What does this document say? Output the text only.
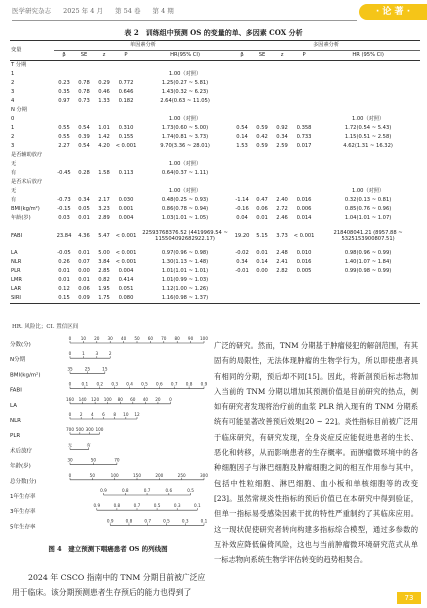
医学研究杂志 2025 年 4 月 第 54 卷 第 4 期	· 论 著 ·
表 2　训练组中预测 OS 的变量的单、多因素 COX 分析
变量	单因素分析					多因素分析				
	β	SE	z	P	HR(95% CI)	β	SE	z	P	HR (95% CI)
T 分期										
1					1.00（对照）					
2	0.23	0.78	0.29	0.772	1.25(0.27 ~ 5.81)					
3	0.35	0.78	0.46	0.646	1.43(0.32 ~ 6.23)					
4	0.97	0.73	1.33	0.182	2.64(0.63 ~ 11.05)					
N 分期										
0					1.00（对照）					1.00（对照）
1	0.55	0.54	1.01	0.310	1.73(0.60 ~ 5.00)	0.54	0.59	0.92	0.358	1.72(0.54 ~ 5.43)
2	0.55	0.39	1.42	0.155	1.74(0.81 ~ 3.73)	0.14	0.42	0.34	0.733	1.15(0.51 ~ 2.58)
3	2.27	0.54	4.20	< 0.001	9.70(3.36 ~ 28.01)	1.53	0.59	2.59	0.017	4.62(1.31 ~ 16.32)
是否辅助放疗										
无					1.00（对照）					
有	-0.45	0.28	1.58	0.113	0.64(0.37 ~ 1.11)					
是否术后放疗										
无					1.00（对照）					1.00（对照）
有	-0.73	0.34	2.17	0.030	0.48(0.25 ~ 0.93)	-1.14	0.47	2.40	0.016	0.32(0.13 ~ 0.81)
BMI(kg/m²)	-0.15	0.05	3.23	0.001	0.86(0.78 ~ 0.94)	-0.16	0.06	2.72	0.006	0.85(0.76 ~ 0.96)
年龄(岁)	0.03	0.01	2.89	0.004	1.03(1.01 ~ 1.05)	0.04	0.01	2.46	0.014	1.04(1.01 ~ 1.07)
FABI	23.84	4.36	5.47	< 0.001	22593768376.52 (4419969.54 ~ 115504092682922.17)	19.20	5.15	3.73	< 0.001	218408041.21 (8957.88 ~ 5325153900807.51)
LA	-0.05	0.01	5.00	< 0.001	0.97(0.96 ~ 0.98)	-0.02	0.01	2.48	0.010	0.98(0.96 ~ 0.99)
NLR	0.26	0.07	3.84	< 0.001	1.30(1.13 ~ 1.48)	0.34	0.14	2.41	0.016	1.40(1.07 ~ 1.84)
PLR	0.01	0.00	2.85	0.004	1.01(1.01 ~ 1.01)	-0.01	0.00	2.82	0.005	0.99(0.98 ~ 0.99)
LMR	0.01	0.01	0.82	0.414	1.01(0.99 ~ 1.03)					
LAR	0.12	0.06	1.95	0.051	1.12(1.00 ~ 1.26)					
SIRI	0.15	0.09	1.75	0.080	1.16(0.98 ~ 1.37)					
HR. 风险比；CI. 置信区间
分数(分)
0 10 20 30 40 50 60 70 80 90 100
N分期
0	1	3	2
BMI(kg/m²)
35	25	15
FABI
0 0.1 0.2 0.3 0.4 0.5 0.6 0.7 0.8 0.9
LA
160 140 120 100 80 60 40 20 0
NLR
0 2 4 6 8 10 12
PLR
700 500 300 100
术后放疗
无	有
年龄(岁)
30	50	70
总分数(分)
0	50	100	150	200	250	300
1年生存率
0.9	0.8	0.7	0.6	0.5
3年生存率
0.9	0.8	0.7	0.5	0.3	0.1
5年生存率
0.9	0.8	0.7	0.5	0.3	0.1
图 4　建立预测下咽癌患者 OS 的列线图
2024 年 CSCO 指南中的 TNM 分期目前被广泛应用于临床。该分期预测患者生存预后的能力也得到了
广泛的研究。然而，TNM 分期基于肿瘤侵犯的解剖范围，有其固有的局限性，无法体现肿瘤的生物学行为，所以即使患者具有相同的分期，预后却不同[15]。因此，将新剖预后标志物加入当前的 TNM 分期以增加其预测价值是目前研究的热点，例如有研究者发现将治疗前的血浆 PLR 纳入现有的 TNM 分期系统有可能显著改善预后效果[20 ~ 22]。炎性指标目前被广泛用于临床研究，有研究发现，全身炎症反应能促进患者的生长、恶化和转移，从而影响患者的生存概率。而肿瘤微环境中的各种细胞因子与淋巴细胞及肿瘤细胞之间的相互作用参与其中，包括中性粒细胞、淋巴细胞、血小板和单核细胞等的改变[23]。虽然常规炎性指标的预后价值已在本研究中得到验证，但单一指标易受感染因素干扰的特性严重制约了其临床应用。这一现状促使研究者转向构建多指标综合模型，通过多参数的互补效应降低偏倚风险，这也与当前肿瘤微环境研究范式从单一标志物向系统生物学评估转变的趋势相契合。
73
